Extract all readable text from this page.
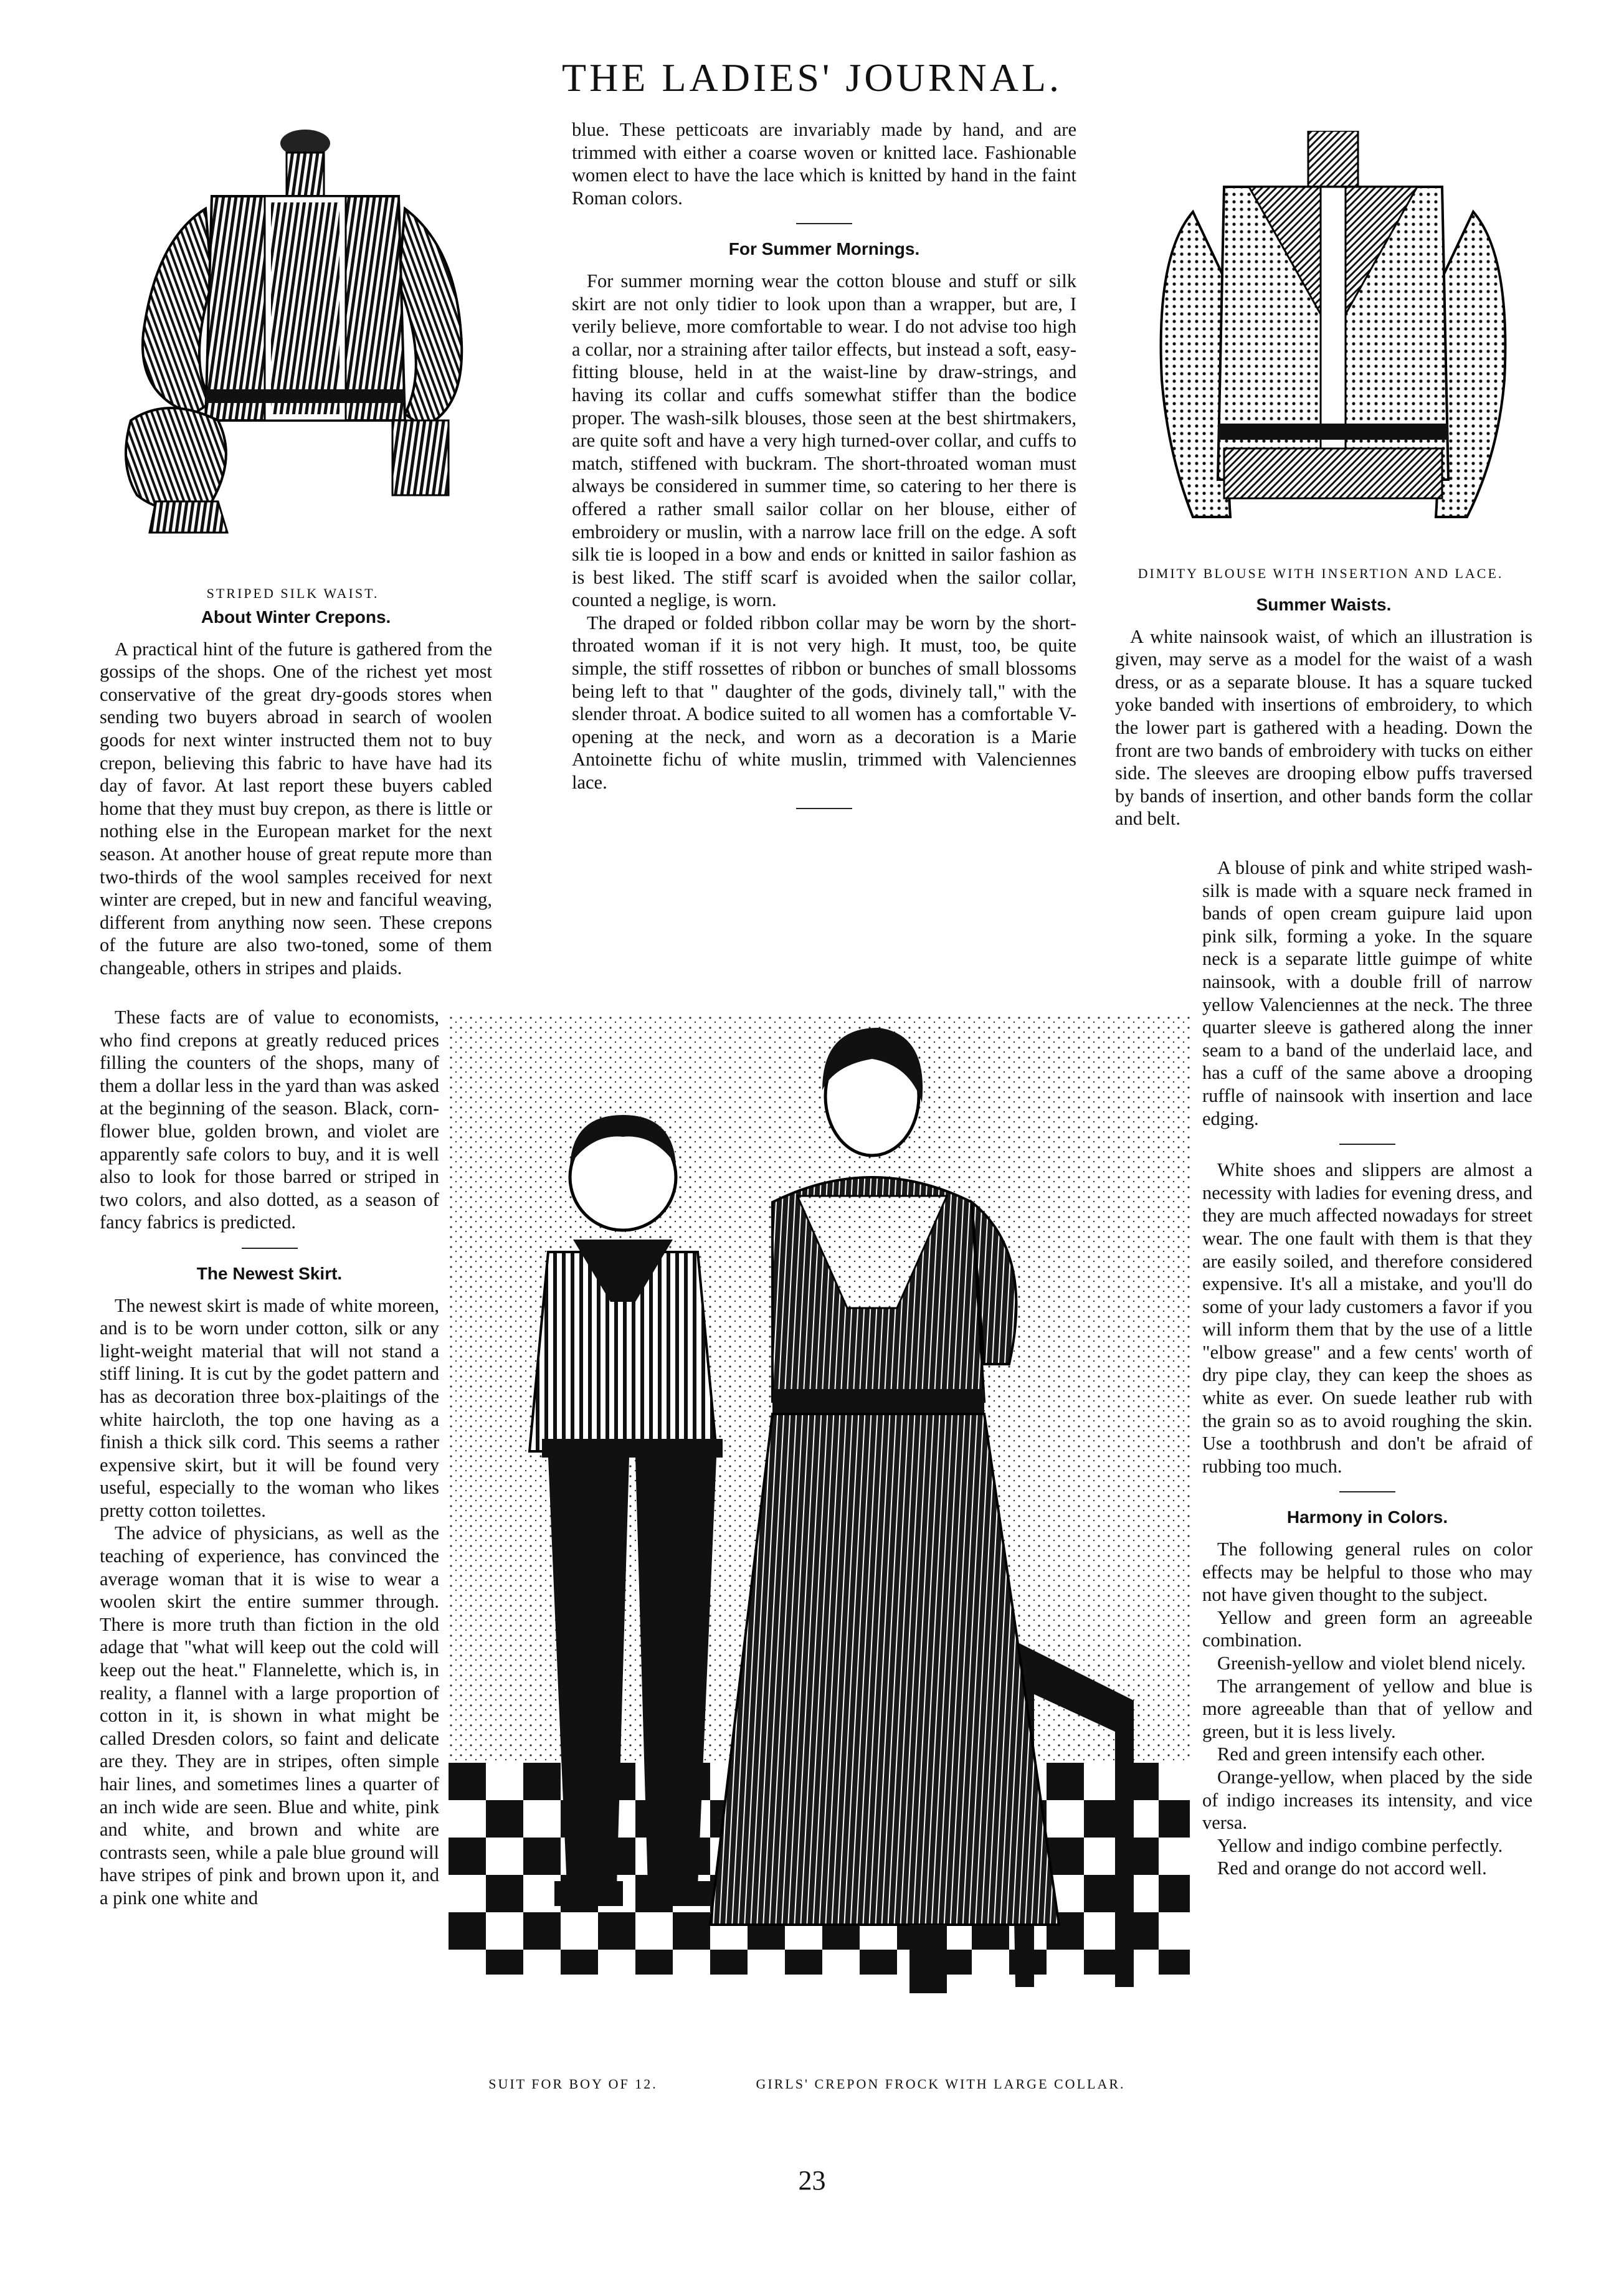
THE LADIES' JOURNAL.
STRIPED SILK WAIST.
DIMITY BLOUSE WITH INSERTION AND LACE.
About Winter Crepons.

A practical hint of the future is gathered from the gossips of the shops. One of the richest yet most conservative of the great dry-goods stores when sending two buyers abroad in search of woolen goods for next winter instructed them not to buy crepon, believing this fabric to have have had its day of favor. At last report these buyers cabled home that they must buy crepon, as there is little or nothing else in the European market for the next season. At another house of great repute more than two-thirds of the wool samples received for next winter are creped, but in new and fanciful weaving, different from anything now seen. These crepons of the future are also two-toned, some of them changeable, others in stripes and plaids.

These facts are of value to economists, who find crepons at greatly reduced prices filling the counters of the shops, many of them a dollar less in the yard than was asked at the beginning of the season. Black, corn-flower blue, golden brown, and violet are apparently safe colors to buy, and it is well also to look for those barred or striped in two colors, and also dotted, as a season of fancy fabrics is predicted.

The Newest Skirt.

The newest skirt is made of white moreen, and is to be worn under cotton, silk or any light-weight material that will not stand a stiff lining. It is cut by the godet pattern and has as decoration three box-plaitings of the white haircloth, the top one having as a finish a thick silk cord. This seems a rather expensive skirt, but it will be found very useful, especially to the woman who likes pretty cotton toilettes.

The advice of physicians, as well as the teaching of experience, has convinced the average woman that it is wise to wear a woolen skirt the entire summer through. There is more truth than fiction in the old adage that "what will keep out the cold will keep out the heat." Flannelette, which is, in reality, a flannel with a large proportion of cotton in it, is shown in what might be called Dresden colors, so faint and delicate are they. They are in stripes, often simple hair lines, and sometimes lines a quarter of an inch wide are seen. Blue and white, pink and white, and brown and white are contrasts seen, while a pale blue ground will have stripes of pink and brown upon it, and a pink one white and

blue. These petticoats are invariably made by hand, and are trimmed with either a coarse woven or knitted lace. Fashionable women elect to have the lace which is knitted by hand in the faint Roman colors.

For Summer Mornings.

For summer morning wear the cotton blouse and stuff or silk skirt are not only tidier to look upon than a wrapper, but are, I verily believe, more comfortable to wear. I do not advise too high a collar, nor a straining after tailor effects, but instead a soft, easy-fitting blouse, held in at the waist-line by draw-strings, and having its collar and cuffs somewhat stiffer than the bodice proper. The wash-silk blouses, those seen at the best shirtmakers, are quite soft and have a very high turned-over collar, and cuffs to match, stiffened with buckram. The short-throated woman must always be considered in summer time, so catering to her there is offered a rather small sailor collar on her blouse, either of embroidery or muslin, with a narrow lace frill on the edge. A soft silk tie is looped in a bow and ends or knitted in sailor fashion as is best liked. The stiff scarf is avoided when the sailor collar, counted a neglige, is worn.

The draped or folded ribbon collar may be worn by the short-throated woman if it is not very high. It must, too, be quite simple, the stiff rossettes of ribbon or bunches of small blossoms being left to that " daughter of the gods, divinely tall," with the slender throat. A bodice suited to all women has a comfortable V-opening at the neck, and worn as a decoration is a Marie Antoinette fichu of white muslin, trimmed with Valenciennes lace.

Summer Waists.

A white nainsook waist, of which an illustration is given, may serve as a model for the waist of a wash dress, or as a separate blouse. It has a square tucked yoke banded with insertions of embroidery, to which the lower part is gathered with a heading. Down the front are two bands of embroidery with tucks on either side. The sleeves are drooping elbow puffs traversed by bands of insertion, and other bands form the collar and belt.

A blouse of pink and white striped wash-silk is made with a square neck framed in bands of open cream guipure laid upon pink silk, forming a yoke. In the square neck is a separate little guimpe of white nainsook, with a double frill of narrow yellow Valenciennes at the neck. The three quarter sleeve is gathered along the inner seam to a band of the underlaid lace, and has a cuff of the same above a drooping ruffle of nainsook with insertion and lace edging.

White shoes and slippers are almost a necessity with ladies for evening dress, and they are much affected nowadays for street wear. The one fault with them is that they are easily soiled, and therefore considered expensive. It's all a mistake, and you'll do some of your lady customers a favor if you will inform them that by the use of a little "elbow grease" and a few cents' worth of dry pipe clay, they can keep the shoes as white as ever. On suede leather rub with the grain so as to avoid roughing the skin. Use a toothbrush and don't be afraid of rubbing too much.

Harmony in Colors.

The following general rules on color effects may be helpful to those who may not have given thought to the subject.

Yellow and green form an agreeable combination.

Greenish-yellow and violet blend nicely.

The arrangement of yellow and blue is more agreeable than that of yellow and green, but it is less lively.

Red and green intensify each other.

Orange-yellow, when placed by the side of indigo increases its intensity, and vice versa.

Yellow and indigo combine perfectly.

Red and orange do not accord well.

SUIT FOR BOY OF 12.	GIRLS' CREPON FROCK WITH LARGE COLLAR.
23
